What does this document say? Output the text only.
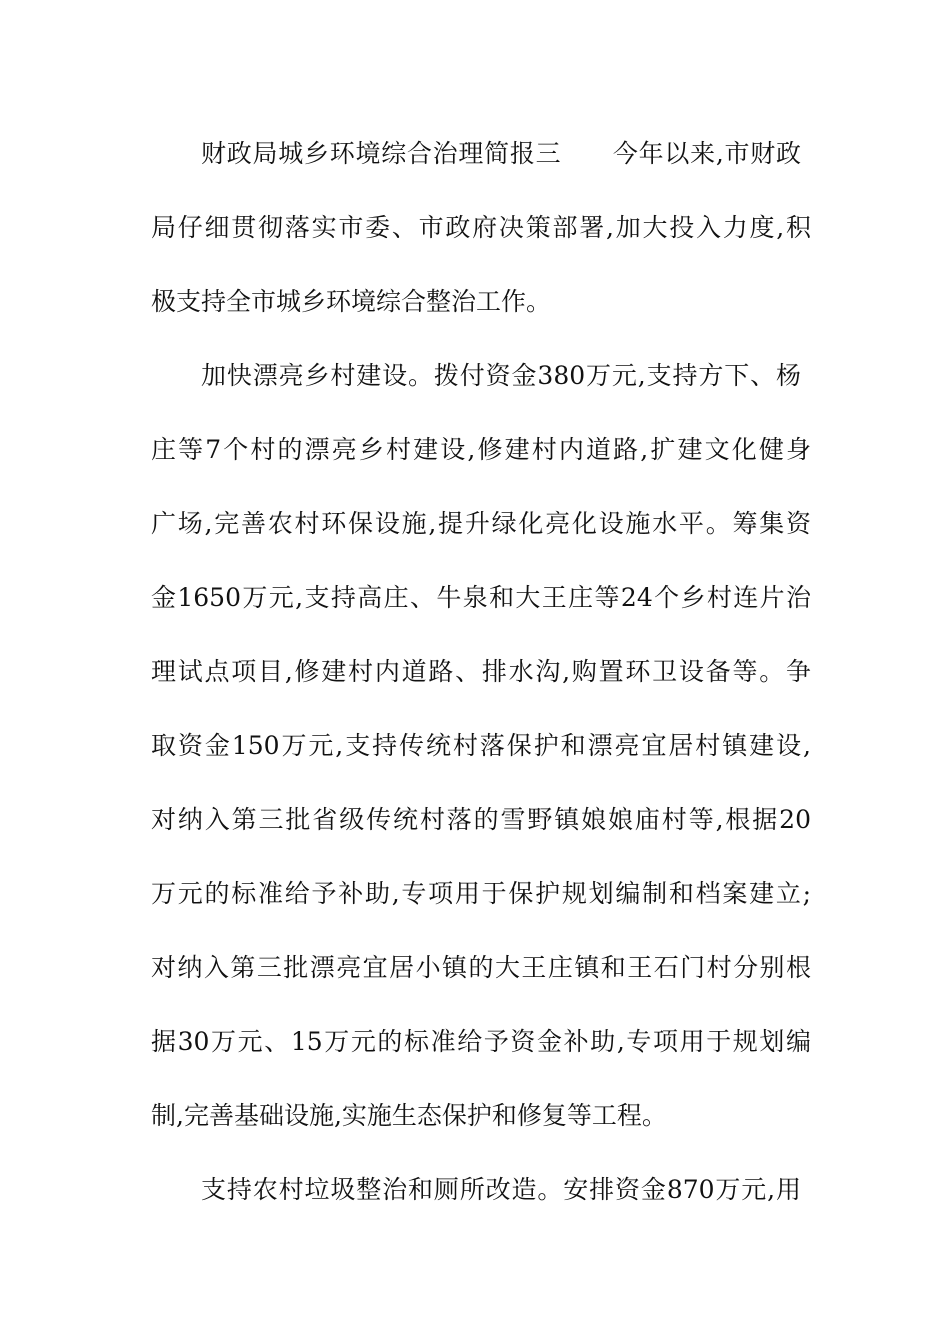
财政局城乡环境综合治理简报三　　今年以来,市财政
局仔细贯彻落实市委、市政府决策部署,加大投入力度,积
极支持全市城乡环境综合整治工作。
加快漂亮乡村建设。拨付资金380万元,支持方下、杨
庄等7个村的漂亮乡村建设,修建村内道路,扩建文化健身
广场,完善农村环保设施,提升绿化亮化设施水平。筹集资
金1650万元,支持高庄、牛泉和大王庄等24个乡村连片治
理试点项目,修建村内道路、排水沟,购置环卫设备等。争
取资金150万元,支持传统村落保护和漂亮宜居村镇建设,
对纳入第三批省级传统村落的雪野镇娘娘庙村等,根据20
万元的标准给予补助,专项用于保护规划编制和档案建立;
对纳入第三批漂亮宜居小镇的大王庄镇和王石门村分别根
据30万元、15万元的标准给予资金补助,专项用于规划编
制,完善基础设施,实施生态保护和修复等工程。
支持农村垃圾整治和厕所改造。安排资金870万元,用
